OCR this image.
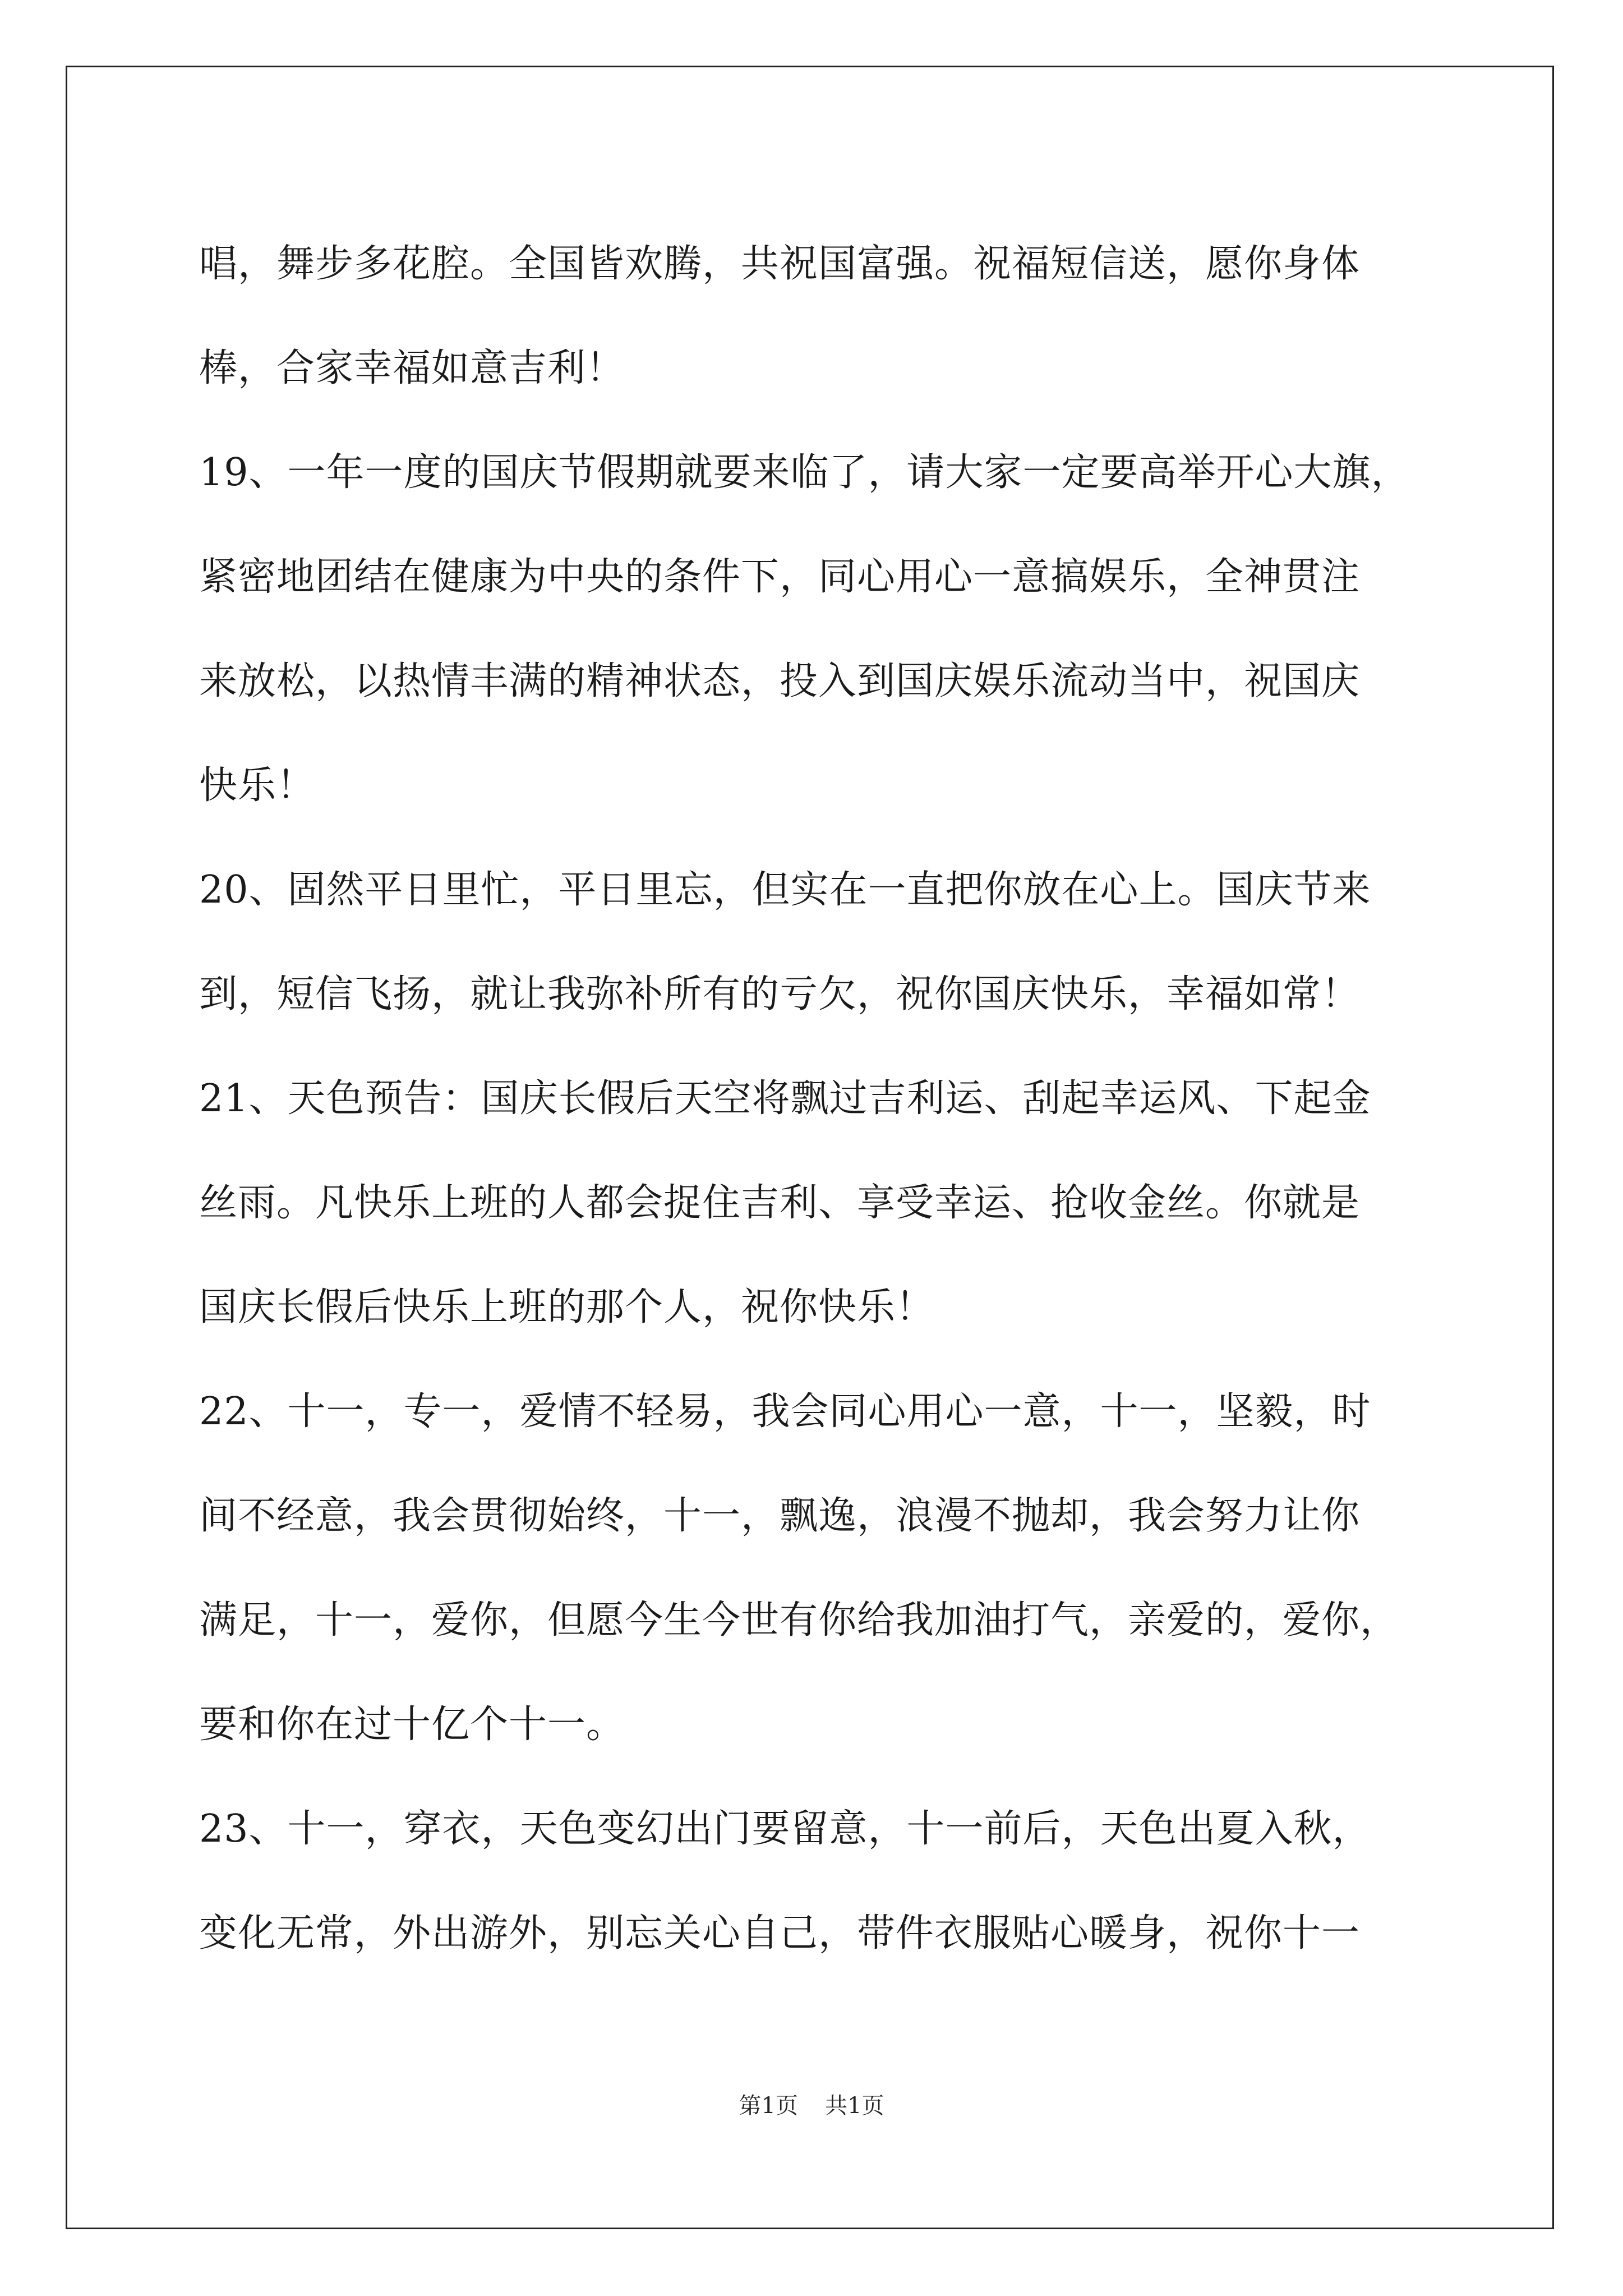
唱，舞步多花腔。全国皆欢腾，共祝国富强。祝福短信送，愿你身体
棒，合家幸福如意吉利！
19、一年一度的国庆节假期就要来临了，请大家一定要高举开心大旗，
紧密地团结在健康为中央的条件下，同心用心一意搞娱乐，全神贯注
来放松，以热情丰满的精神状态，投入到国庆娱乐流动当中，祝国庆
快乐！
20、固然平日里忙，平日里忘，但实在一直把你放在心上。国庆节来
到，短信飞扬，就让我弥补所有的亏欠，祝你国庆快乐，幸福如常！
21、天色预告：国庆长假后天空将飘过吉利运、刮起幸运风、下起金
丝雨。凡快乐上班的人都会捉住吉利、享受幸运、抢收金丝。你就是
国庆长假后快乐上班的那个人，祝你快乐！
22、十一，专一，爱情不轻易，我会同心用心一意，十一，坚毅，时
间不经意，我会贯彻始终，十一，飘逸，浪漫不抛却，我会努力让你
满足，十一，爱你，但愿今生今世有你给我加油打气，亲爱的，爱你，
要和你在过十亿个十一。
23、十一，穿衣，天色变幻出门要留意，十一前后，天色出夏入秋，
变化无常，外出游外，别忘关心自己，带件衣服贴心暖身，祝你十一
第1页 共1页
